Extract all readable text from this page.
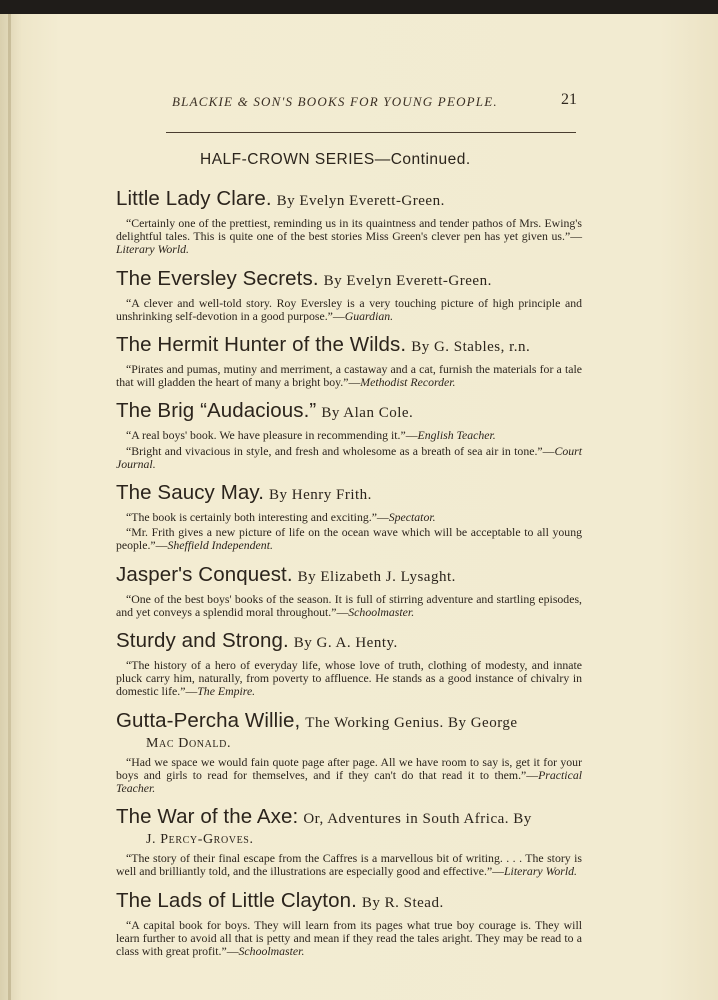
BLACKIE & SON'S BOOKS FOR YOUNG PEOPLE.	21
HALF-CROWN SERIES—Continued.
Little Lady Clare. By Evelyn Everett-Green.

“Certainly one of the prettiest, reminding us in its quaintness and tender pathos of Mrs. Ewing's delightful tales. This is quite one of the best stories Miss Green's clever pen has yet given us.”—Literary World.

The Eversley Secrets. By Evelyn Everett-Green.

“A clever and well-told story. Roy Eversley is a very touching picture of high principle and unshrinking self-devotion in a good purpose.”—Guardian.

The Hermit Hunter of the Wilds. By G. Stables, r.n.

“Pirates and pumas, mutiny and merriment, a castaway and a cat, furnish the materials for a tale that will gladden the heart of many a bright boy.”—Methodist Recorder.

The Brig “Audacious.” By Alan Cole.

“A real boys' book. We have pleasure in recommending it.”—English Teacher.

“Bright and vivacious in style, and fresh and wholesome as a breath of sea air in tone.”—Court Journal.

The Saucy May. By Henry Frith.

“The book is certainly both interesting and exciting.”—Spectator.

“Mr. Frith gives a new picture of life on the ocean wave which will be acceptable to all young people.”—Sheffield Independent.

Jasper's Conquest. By Elizabeth J. Lysaght.

“One of the best boys' books of the season. It is full of stirring adventure and startling episodes, and yet conveys a splendid moral throughout.”—Schoolmaster.

Sturdy and Strong. By G. A. Henty.

“The history of a hero of everyday life, whose love of truth, clothing of modesty, and innate pluck carry him, naturally, from poverty to affluence. He stands as a good instance of chivalry in domestic life.”—The Empire.

Gutta-Percha Willie, The Working Genius. By George
Mac Donald.

“Had we space we would fain quote page after page. All we have room to say is, get it for your boys and girls to read for themselves, and if they can't do that read it to them.”—Practical Teacher.

The War of the Axe: Or, Adventures in South Africa. By
J. Percy-Groves.

“The story of their final escape from the Caffres is a marvellous bit of writing. . . . The story is well and brilliantly told, and the illustrations are especially good and effective.”—Literary World.

The Lads of Little Clayton. By R. Stead.

“A capital book for boys. They will learn from its pages what true boy courage is. They will learn further to avoid all that is petty and mean if they read the tales aright. They may be read to a class with great profit.”—Schoolmaster.
